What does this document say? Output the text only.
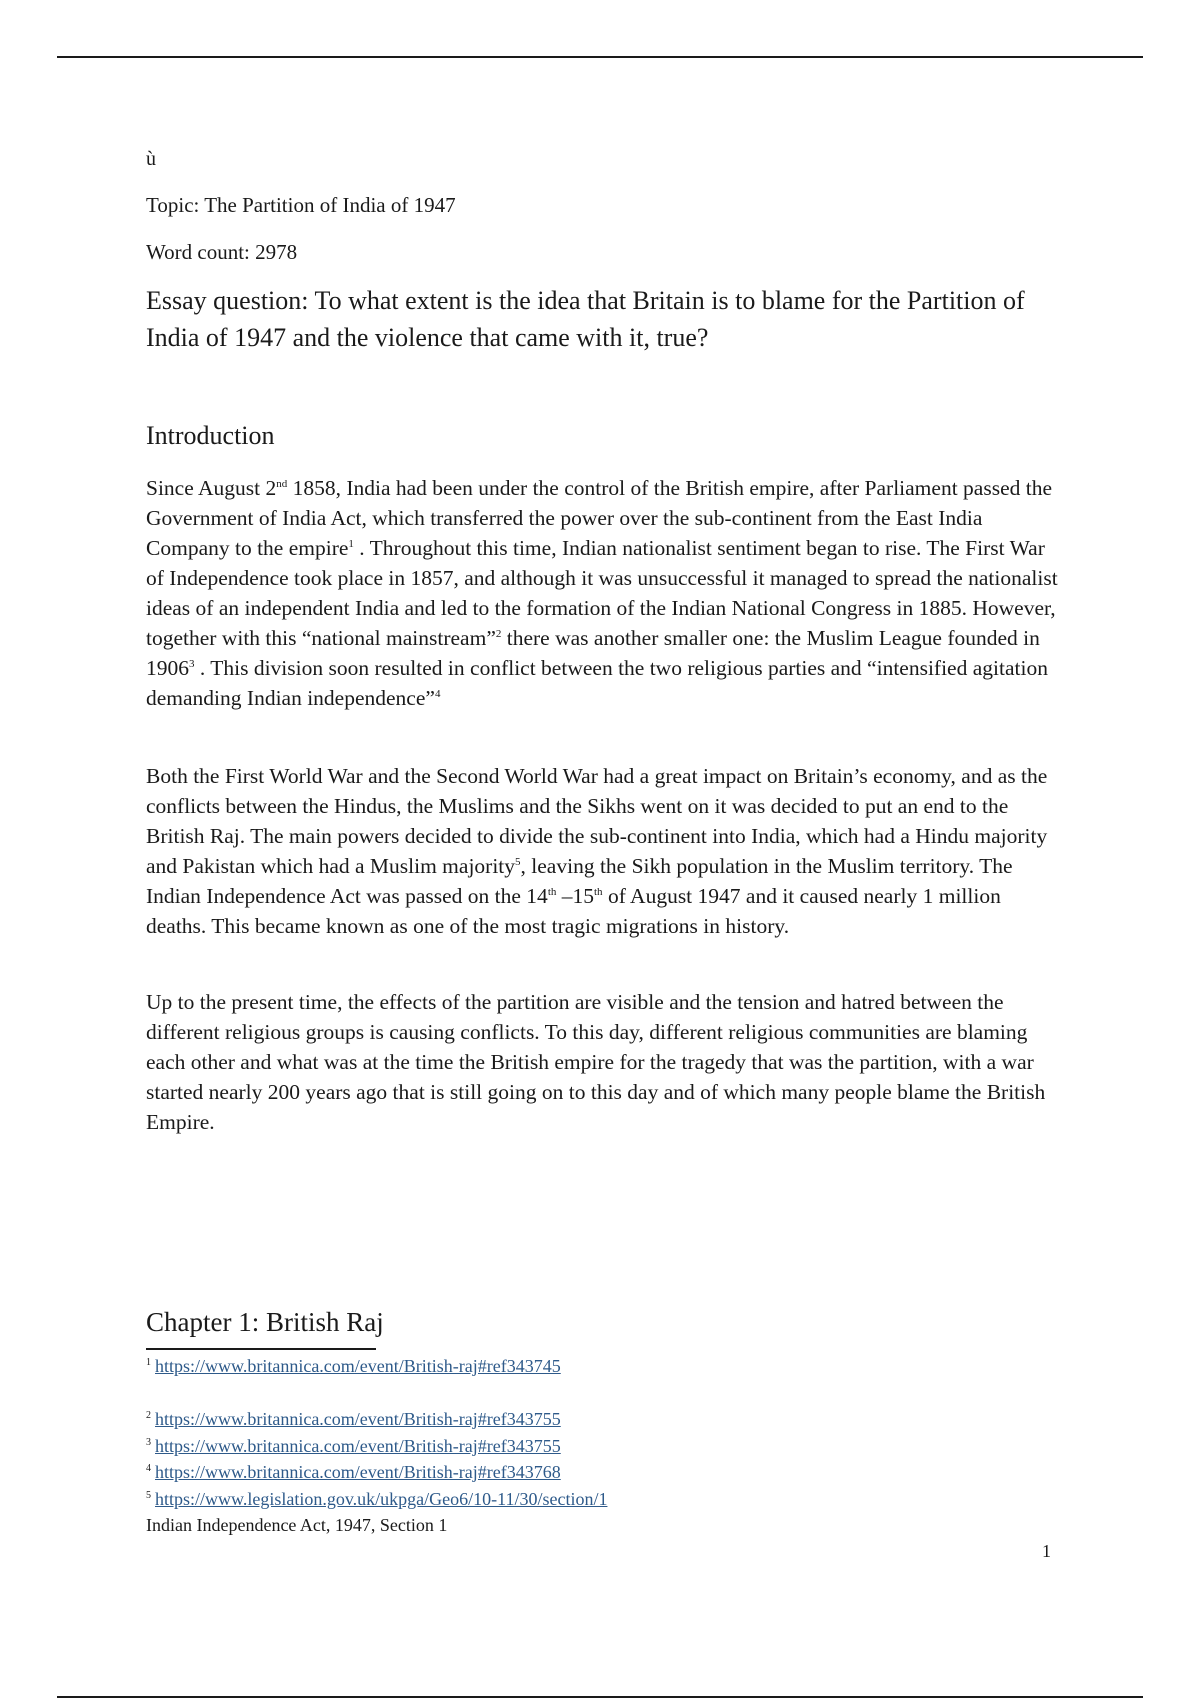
ù
Topic: The Partition of India of 1947
Word count: 2978
Essay question: To what extent is the idea that Britain is to blame for the Partition of India of 1947 and the violence that came with it, true?
Introduction

Since August 2nd 1858, India had been under the control of the British empire, after Parliament passed the Government of India Act, which transferred the power over the sub-continent from the East India Company to the empire$^1$ . Throughout this time, Indian nationalist sentiment began to rise. The First War of Independence took place in 1857, and although it was unsuccessful it managed to spread the nationalist ideas of an independent India and led to the formation of the Indian National Congress in 1885. However, together with this “national mainstream”$^2$ there was another smaller one: the Muslim League founded in 1906$^3$ . This division soon resulted in conflict between the two religious parties and “intensified agitation demanding Indian independence”$^4$

Both the First World War and the Second World War had a great impact on Britain’s economy, and as the conflicts between the Hindus, the Muslims and the Sikhs went on it was decided to put an end to the British Raj. The main powers decided to divide the sub-continent into India, which had a Hindu majority and Pakistan which had a Muslim majority$^5$, leaving the Sikh population in the Muslim territory. The Indian Independence Act was passed on the 14th –15th of August 1947 and it caused nearly 1 million deaths. This became known as one of the most tragic migrations in history.

Up to the present time, the effects of the partition are visible and the tension and hatred between the different religious groups is causing conflicts. To this day, different religious communities are blaming each other and what was at the time the British empire for the tragedy that was the partition, with a war started nearly 200 years ago that is still going on to this day and of which many people blame the British Empire.

Chapter 1: British Raj
$^1$ https://www.britannica.com/event/British-raj#ref343745
$^2$ https://www.britannica.com/event/British-raj#ref343755
$^3$ https://www.britannica.com/event/British-raj#ref343755
$^4$ https://www.britannica.com/event/British-raj#ref343768
$^5$ https://www.legislation.gov.uk/ukpga/Geo6/10-11/30/section/1
Indian Independence Act, 1947, Section 1
1
